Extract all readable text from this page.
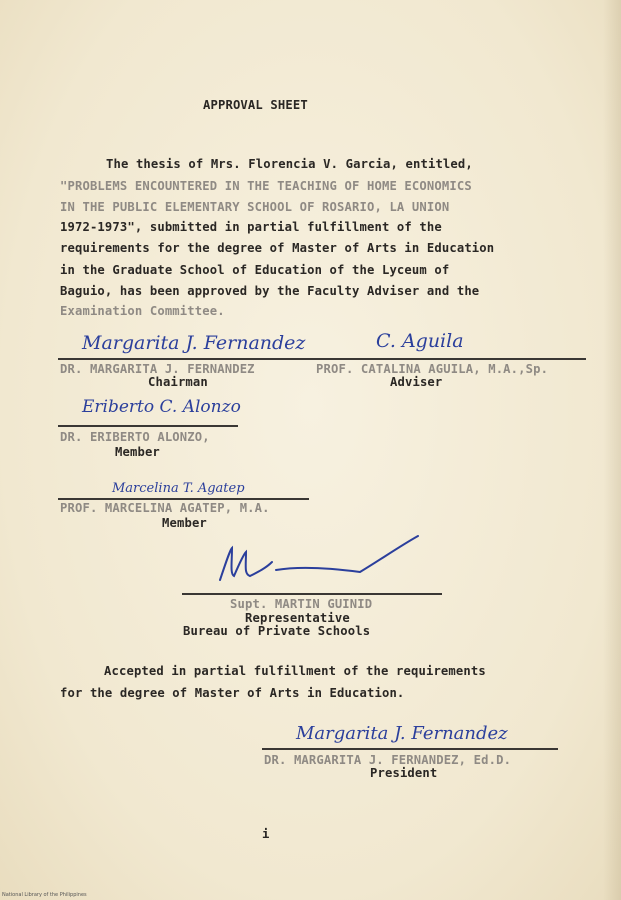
APPROVAL SHEET
The thesis of Mrs. Florencia V. Garcia, entitled,
"PROBLEMS ENCOUNTERED IN THE TEACHING OF HOME ECONOMICS
IN THE PUBLIC ELEMENTARY SCHOOL OF ROSARIO, LA UNION
1972-1973", submitted in partial fulfillment of the
requirements for the degree of Master of Arts in Education
in the Graduate School of Education of the Lyceum of
Baguio, has been approved by the Faculty Adviser and the
Examination Committee.
Margarita J. Fernandez	C. Aguila
DR. MARGARITA J. FERNANDEZ	PROF. CATALINA AGUILA, M.A.,Sp.
Chairman	Adviser
Eriberto C. Alonzo
DR. ERIBERTO ALONZO,
Member
Marcelina T. Agatep
PROF. MARCELINA AGATEP, M.A.
Member
Supt. MARTIN GUINID
Representative
Bureau of Private Schools
Accepted in partial fulfillment of the requirements
for the degree of Master of Arts in Education.
Margarita J. Fernandez
DR. MARGARITA J. FERNANDEZ, Ed.D.
President
i
National Library of the Philippines
